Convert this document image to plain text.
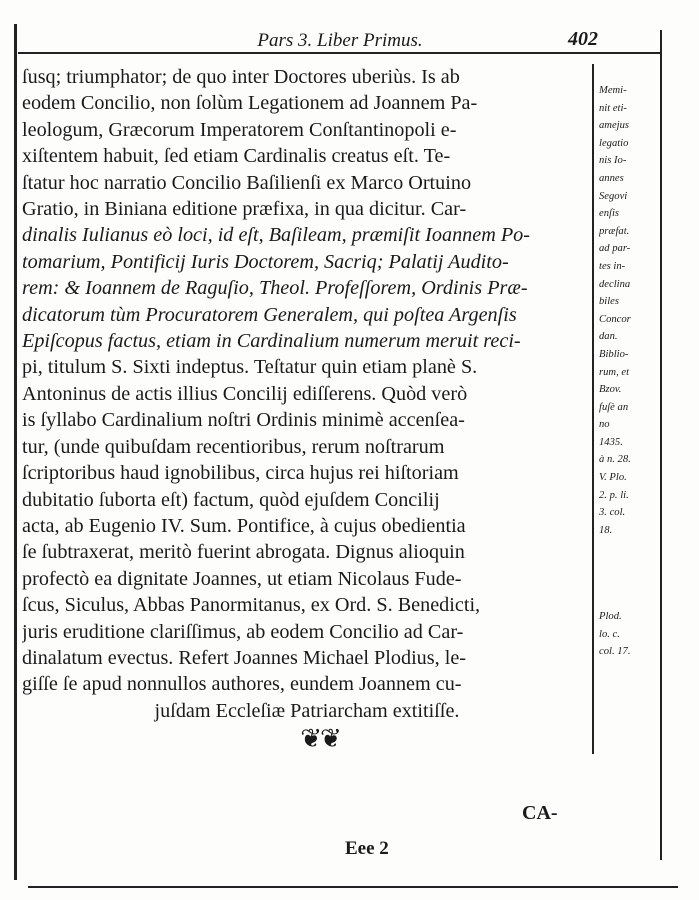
Pars 3. Liber Primus.	402
ſusq; triumphator; de quo inter Doctores uberiùs. Is ab
eodem Concilio, non ſolùm Legationem ad Joannem Pa-
leologum, Græcorum Imperatorem Conſtantinopoli e-
xiſtentem habuit, ſed etiam Cardinalis creatus eſt. Te-
ſtatur hoc narratio Concilio Baſilienſi ex Marco Ortuino
Gratio, in Biniana editione præfixa, in qua dicitur. Car-
dinalis Iulianus eò loci, id eſt, Baſileam, præmiſit Ioannem Po-
tomarium, Pontificij Iuris Doctorem, Sacriq; Palatij Audito-
rem: & Ioannem de Raguſio, Theol. Profeſſorem, Ordinis Præ-
dicatorum tùm Procuratorem Generalem, qui poſtea Argenſis
Epiſcopus factus, etiam in Cardinalium numerum meruit reci-
pi, titulum S. Sixti indeptus. Teſtatur quin etiam planè S.
Antoninus de actis illius Concilij ediſſerens. Quòd verò
is ſyllabo Cardinalium noſtri Ordinis minimè accenſea-
tur, (unde quibuſdam recentioribus, rerum noſtrarum
ſcriptoribus haud ignobilibus, circa hujus rei hiſtoriam
dubitatio ſuborta eſt) factum, quòd ejuſdem Concilij
acta, ab Eugenio IV. Sum. Pontifice, à cujus obedientia
ſe ſubtraxerat, meritò fuerint abrogata. Dignus alioquin
profectò ea dignitate Joannes, ut etiam Nicolaus Fude-
ſcus, Siculus, Abbas Panormitanus, ex Ord. S. Benedicti,
juris eruditione clariſſimus, ab eodem Concilio ad Car-
dinalatum evectus. Refert Joannes Michael Plodius, le-
giſſe ſe apud nonnullos authores, eundem Joannem cu-
juſdam Eccleſiæ Patriarcham extitiſſe.
Memi-
nit eti-
amejus
legatio
nis Io-
annes
Segovi
enſis
præfat.
ad par-
tes in-
declina
biles
Concor
dan.
Biblio-
rum, et
Bzov.
fuſè an
no
1435.
à n. 28.
V. Plo.
2. p. li.
3. col.
18.
Plod.
lo. c.
col. 17.
❦❦
CA-
Eee 2
